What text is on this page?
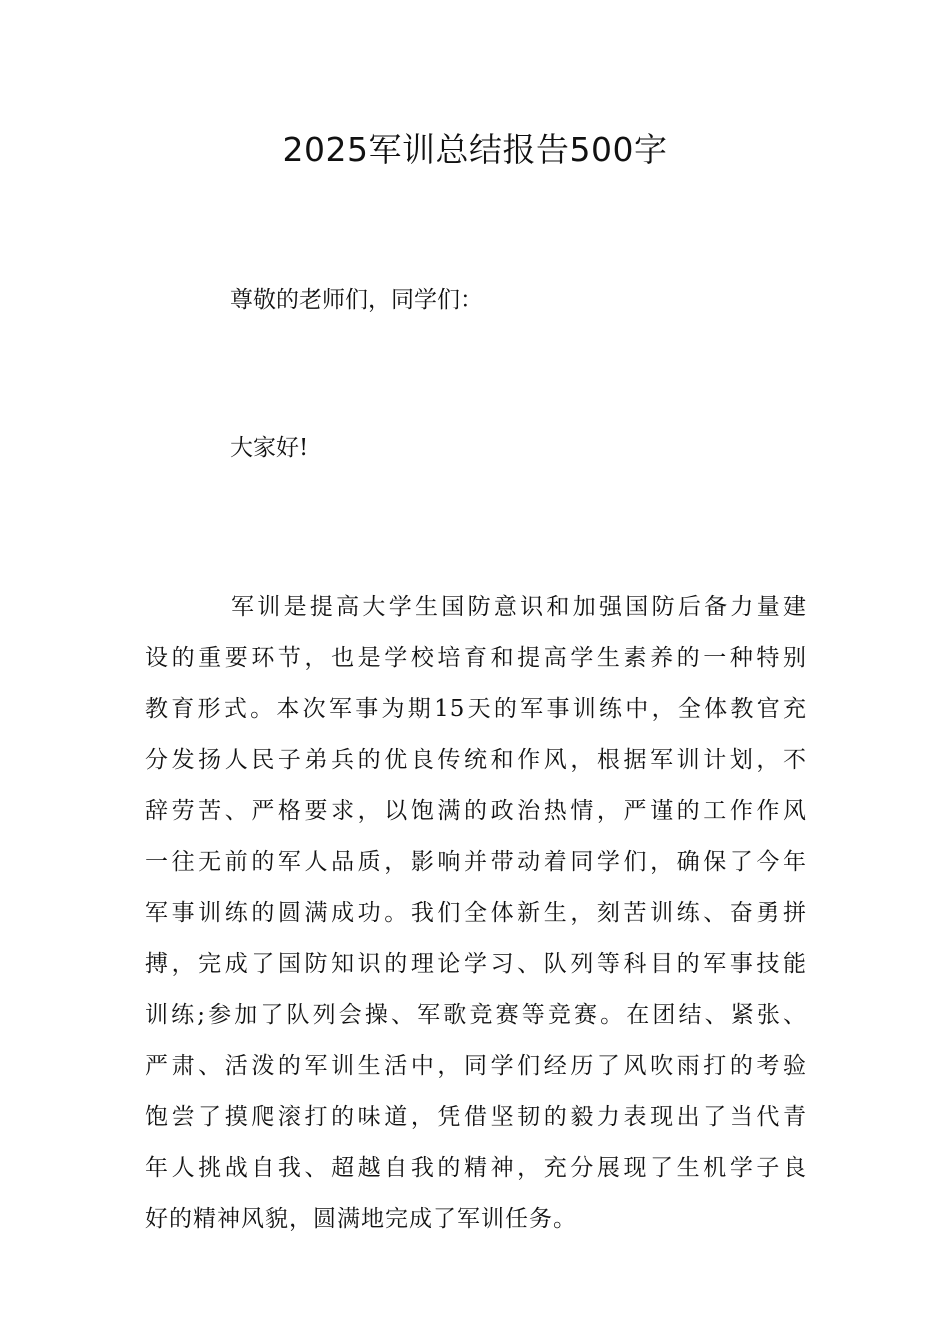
2025军训总结报告500字

尊敬的老师们，同学们：

大家好!

军训是提高大学生国防意识和加强国防后备力量建
设的重要环节，也是学校培育和提高学生素养的一种特别
教育形式。本次军事为期15天的军事训练中，全体教官充
分发扬人民子弟兵的优良传统和作风，根据军训计划，不
辞劳苦、严格要求，以饱满的政治热情，严谨的工作作风
一往无前的军人品质，影响并带动着同学们，确保了今年
军事训练的圆满成功。我们全体新生，刻苦训练、奋勇拼
搏，完成了国防知识的理论学习、队列等科目的军事技能
训练;参加了队列会操、军歌竞赛等竞赛。在团结、紧张、
严肃、活泼的军训生活中，同学们经历了风吹雨打的考验
饱尝了摸爬滚打的味道，凭借坚韧的毅力表现出了当代青
年人挑战自我、超越自我的精神，充分展现了生机学子良
好的精神风貌，圆满地完成了军训任务。
